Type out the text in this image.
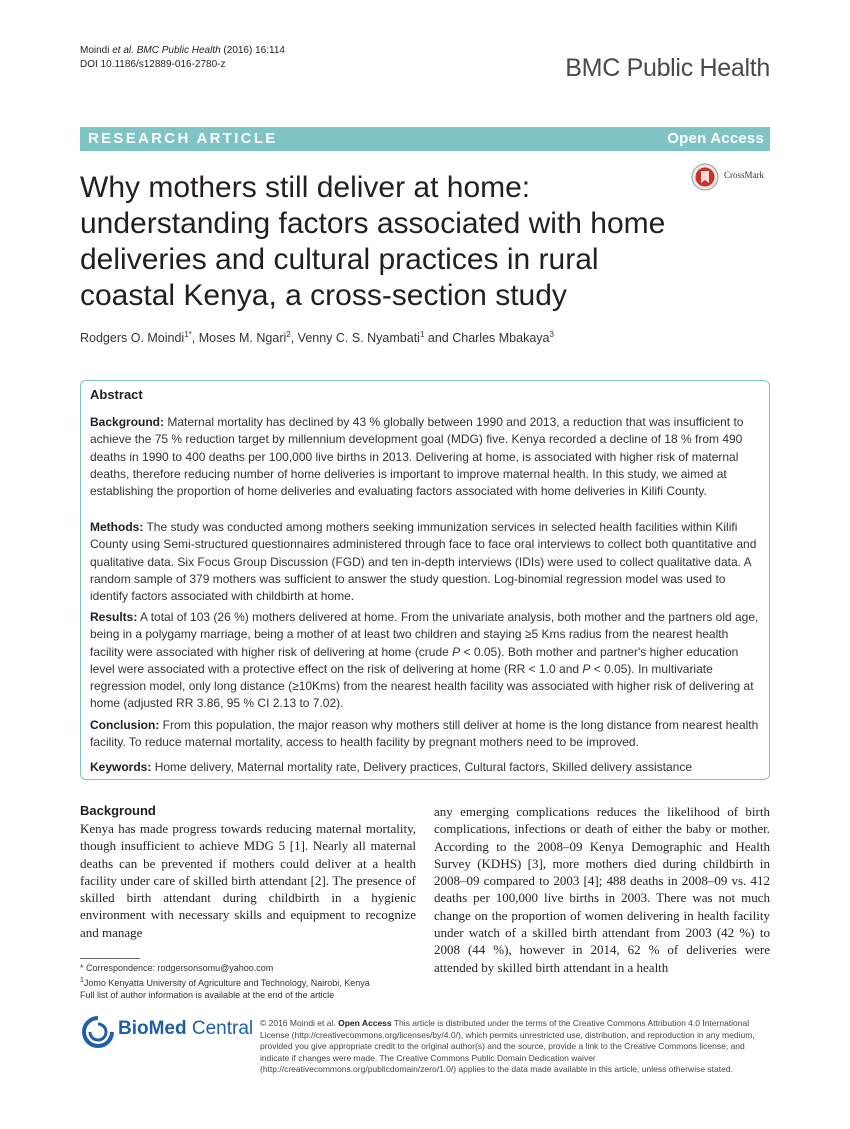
Moindi et al. BMC Public Health (2016) 16:114
DOI 10.1186/s12889-016-2780-z	BMC Public Health
RESEARCH ARTICLE	Open Access
Why mothers still deliver at home: understanding factors associated with home deliveries and cultural practices in rural coastal Kenya, a cross-section study
CrossMark
Rodgers O. Moindi$^{1*}$, Moses M. Ngari$^2$, Venny C. S. Nyambati$^1$ and Charles Mbakaya$^3$
Abstract
Background: Maternal mortality has declined by 43 % globally between 1990 and 2013, a reduction that was insufficient to achieve the 75 % reduction target by millennium development goal (MDG) five. Kenya recorded a decline of 18 % from 490 deaths in 1990 to 400 deaths per 100,000 live births in 2013. Delivering at home, is associated with higher risk of maternal deaths, therefore reducing number of home deliveries is important to improve maternal health. In this study, we aimed at establishing the proportion of home deliveries and evaluating factors associated with home deliveries in Kilifi County.
Methods: The study was conducted among mothers seeking immunization services in selected health facilities within Kilifi County using Semi-structured questionnaires administered through face to face oral interviews to collect both quantitative and qualitative data. Six Focus Group Discussion (FGD) and ten in-depth interviews (IDIs) were used to collect qualitative data. A random sample of 379 mothers was sufficient to answer the study question. Log-binomial regression model was used to identify factors associated with childbirth at home.
Results: A total of 103 (26 %) mothers delivered at home. From the univariate analysis, both mother and the partners old age, being in a polygamy marriage, being a mother of at least two children and staying ≥5 Kms radius from the nearest health facility were associated with higher risk of delivering at home (crude P < 0.05). Both mother and partner's higher education level were associated with a protective effect on the risk of delivering at home (RR < 1.0 and P < 0.05). In multivariate regression model, only long distance (≥10Kms) from the nearest health facility was associated with higher risk of delivering at home (adjusted RR 3.86, 95 % CI 2.13 to 7.02).
Conclusion: From this population, the major reason why mothers still deliver at home is the long distance from nearest health facility. To reduce maternal mortality, access to health facility by pregnant mothers need to be improved.
Keywords: Home delivery, Maternal mortality rate, Delivery practices, Cultural factors, Skilled delivery assistance
Background
Kenya has made progress towards reducing maternal mortality, though insufficient to achieve MDG 5 [1]. Nearly all maternal deaths can be prevented if mothers could deliver at a health facility under care of skilled birth attendant [2]. The presence of skilled birth attendant during childbirth in a hygienic environment with necessary skills and equipment to recognize and manage
any emerging complications reduces the likelihood of birth complications, infections or death of either the baby or mother. According to the 2008–09 Kenya Demographic and Health Survey (KDHS) [3], more mothers died during childbirth in 2008–09 compared to 2003 [4]; 488 deaths in 2008–09 vs. 412 deaths per 100,000 live births in 2003. There was not much change on the proportion of women delivering in health facility under watch of a skilled birth attendant from 2003 (42 %) to 2008 (44 %), however in 2014, 62 % of deliveries were attended by skilled birth attendant in a health
* Correspondence: rodgersonsomu@yahoo.com
$^1$Jomo Kenyatta University of Agriculture and Technology, Nairobi, Kenya
Full list of author information is available at the end of the article
BioMed Central © 2016 Moindi et al. Open Access This article is distributed under the terms of the Creative Commons Attribution 4.0 International License (http://creativecommons.org/licenses/by/4.0/), which permits unrestricted use, distribution, and reproduction in any medium, provided you give appropriate credit to the original author(s) and the source, provide a link to the Creative Commons license, and indicate if changes were made. The Creative Commons Public Domain Dedication waiver (http://creativecommons.org/publicdomain/zero/1.0/) applies to the data made available in this article, unless otherwise stated.
